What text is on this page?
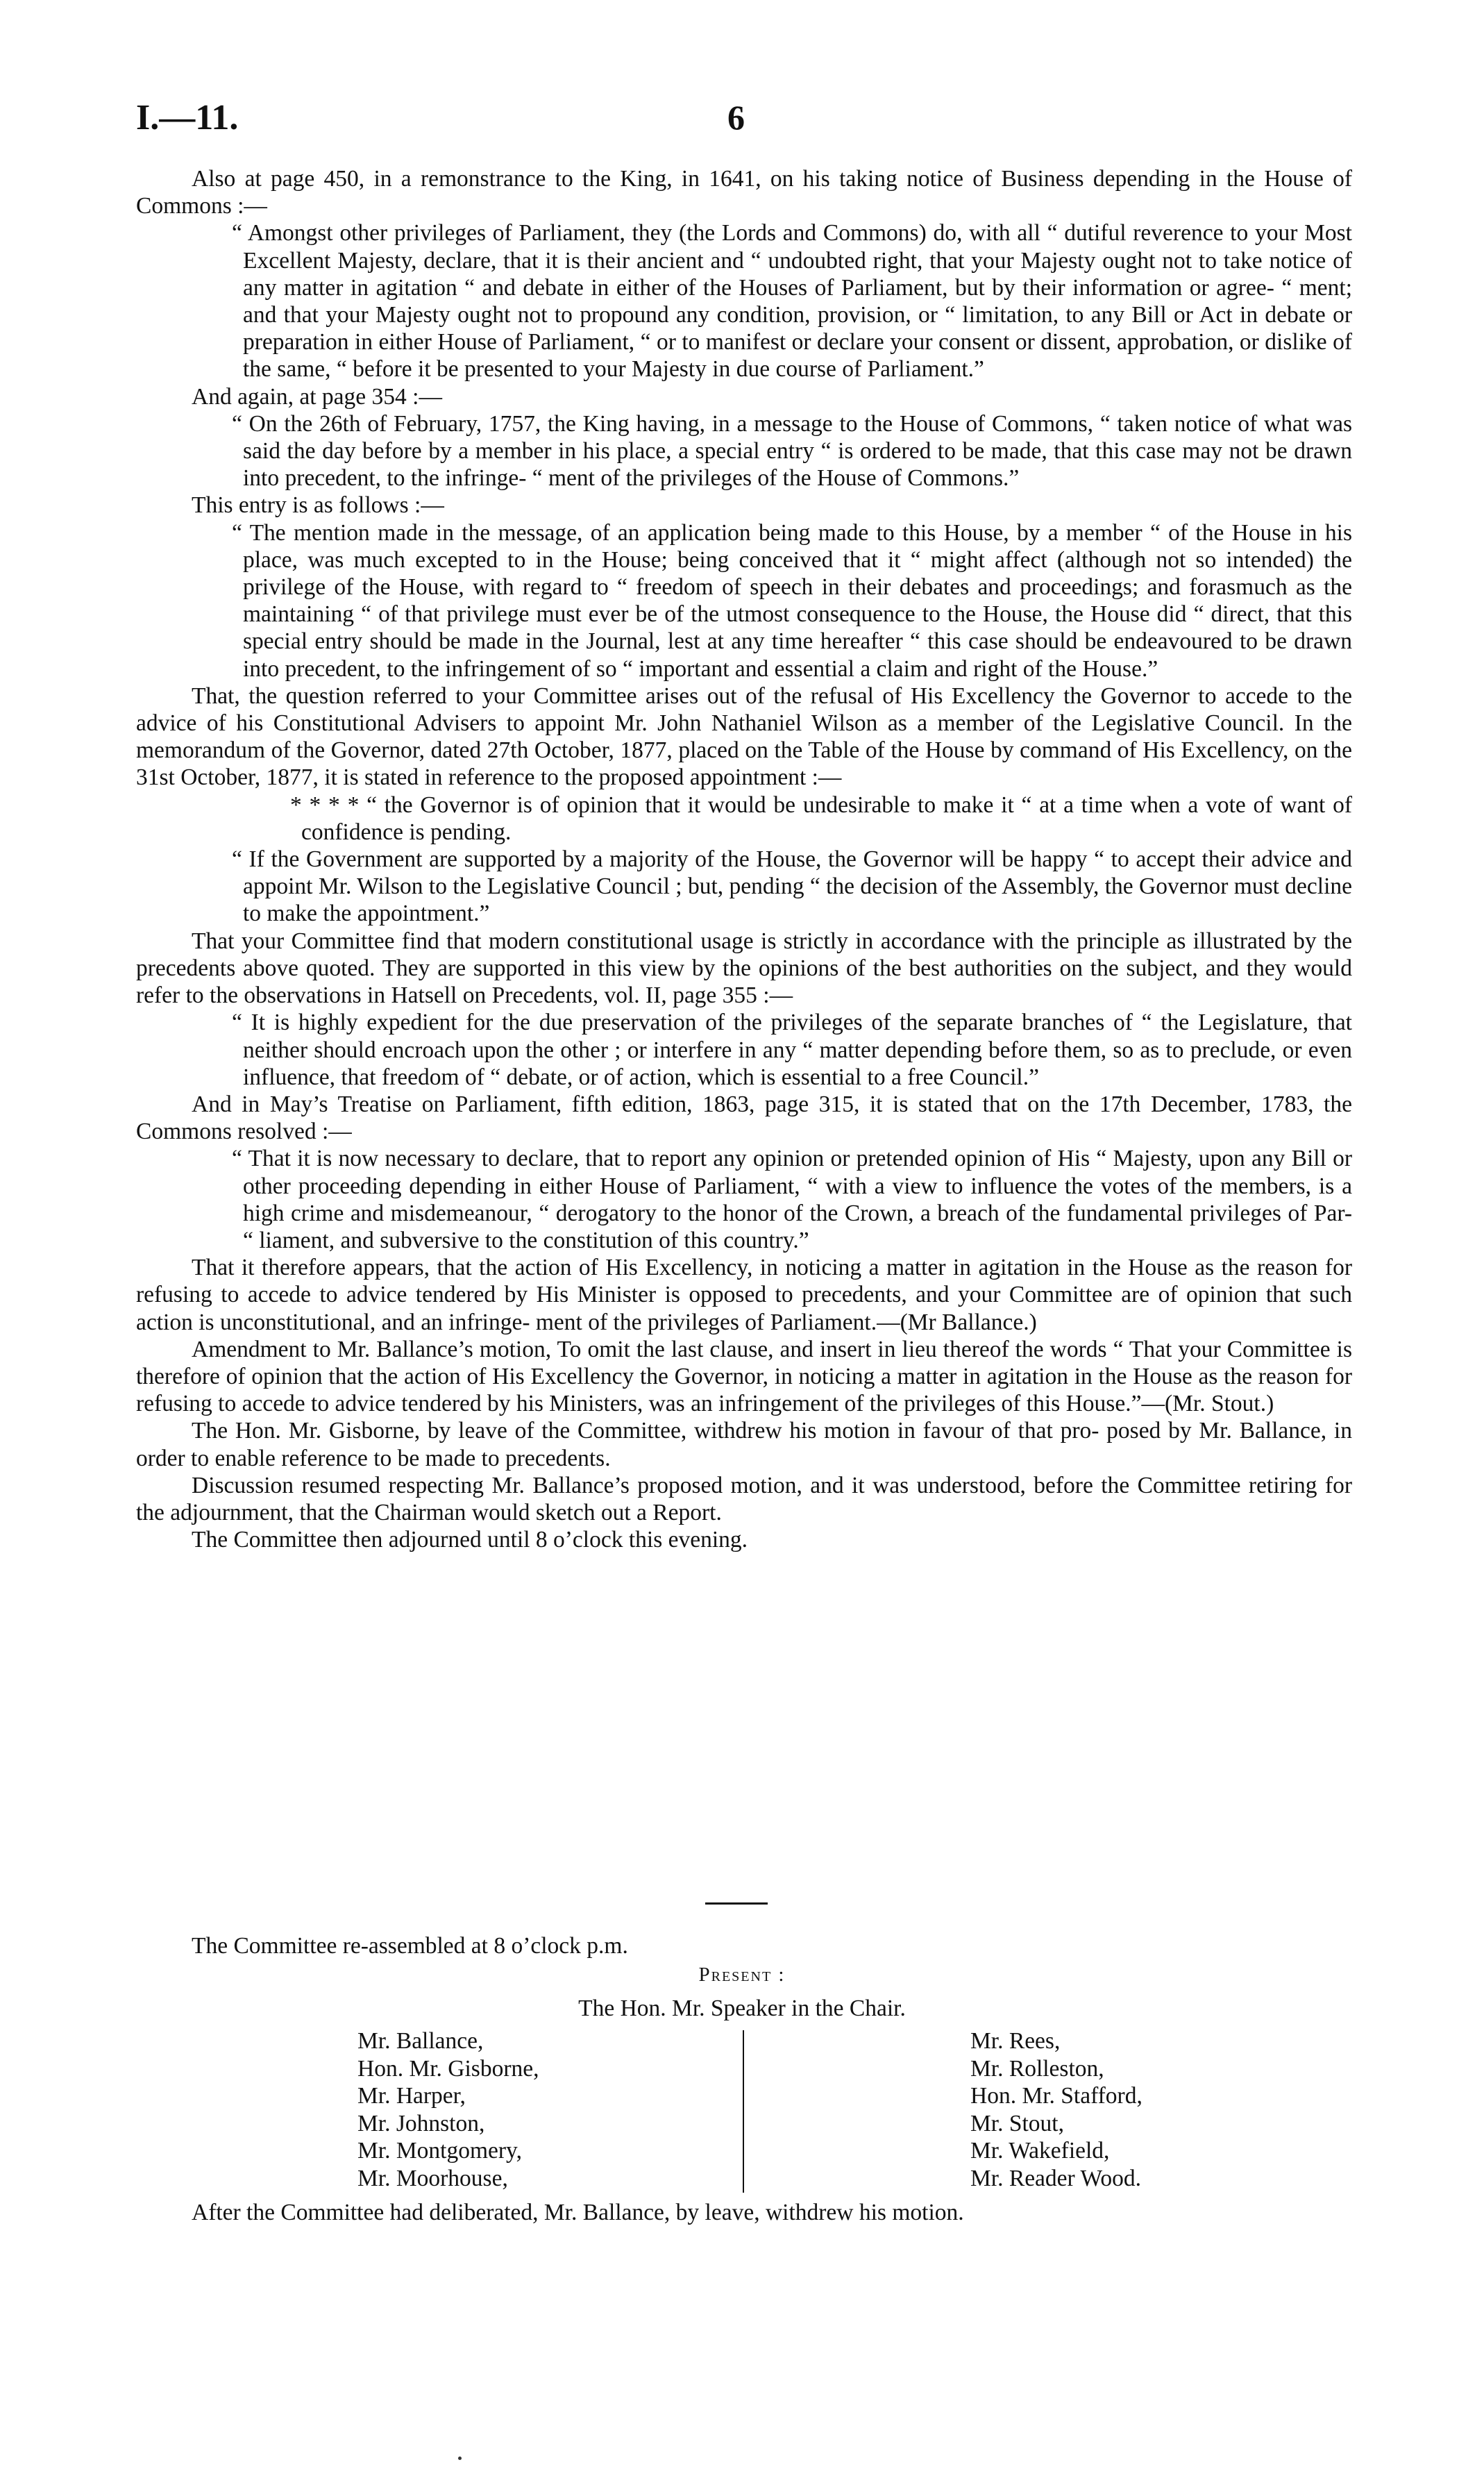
I.—11.	6

Also at page 450, in a remonstrance to the King, in 1641, on his taking notice of Business depending in the House of Commons :—

“ Amongst other privileges of Parliament, they (the Lords and Commons) do, with all “ dutiful reverence to your Most Excellent Majesty, declare, that it is their ancient and “ undoubted right, that your Majesty ought not to take notice of any matter in agitation “ and debate in either of the Houses of Parliament, but by their information or agree- “ ment; and that your Majesty ought not to propound any condition, provision, or “ limitation, to any Bill or Act in debate or preparation in either House of Parliament, “ or to manifest or declare your consent or dissent, approbation, or dislike of the same, “ before it be presented to your Majesty in due course of Parliament.”

And again, at page 354 :—

“ On the 26th of February, 1757, the King having, in a message to the House of Commons, “ taken notice of what was said the day before by a member in his place, a special entry “ is ordered to be made, that this case may not be drawn into precedent, to the infringe- “ ment of the privileges of the House of Commons.”

This entry is as follows :—

“ The mention made in the message, of an application being made to this House, by a member “ of the House in his place, was much excepted to in the House; being conceived that it “ might affect (although not so intended) the privilege of the House, with regard to “ freedom of speech in their debates and proceedings; and forasmuch as the maintaining “ of that privilege must ever be of the utmost consequence to the House, the House did “ direct, that this special entry should be made in the Journal, lest at any time hereafter “ this case should be endeavoured to be drawn into precedent, to the infringement of so “ important and essential a claim and right of the House.”

That, the question referred to your Committee arises out of the refusal of His Excellency the Governor to accede to the advice of his Constitutional Advisers to appoint Mr. John Nathaniel Wilson as a member of the Legislative Council. In the memorandum of the Governor, dated 27th October, 1877, placed on the Table of the House by command of His Excellency, on the 31st October, 1877, it is stated in reference to the proposed appointment :—

* * * * “ the Governor is of opinion that it would be undesirable to make it “ at a time when a vote of want of confidence is pending.

“ If the Government are supported by a majority of the House, the Governor will be happy “ to accept their advice and appoint Mr. Wilson to the Legislative Council ; but, pending “ the decision of the Assembly, the Governor must decline to make the appointment.”

That your Committee find that modern constitutional usage is strictly in accordance with the principle as illustrated by the precedents above quoted. They are supported in this view by the opinions of the best authorities on the subject, and they would refer to the observations in Hatsell on Precedents, vol. II, page 355 :—

“ It is highly expedient for the due preservation of the privileges of the separate branches of “ the Legislature, that neither should encroach upon the other ; or interfere in any “ matter depending before them, so as to preclude, or even influence, that freedom of “ debate, or of action, which is essential to a free Council.”

And in May’s Treatise on Parliament, fifth edition, 1863, page 315, it is stated that on the 17th December, 1783, the Commons resolved :—

“ That it is now necessary to declare, that to report any opinion or pretended opinion of His “ Majesty, upon any Bill or other proceeding depending in either House of Parliament, “ with a view to influence the votes of the members, is a high crime and misdemeanour, “ derogatory to the honor of the Crown, a breach of the fundamental privileges of Par- “ liament, and subversive to the constitution of this country.”

That it therefore appears, that the action of His Excellency, in noticing a matter in agitation in the House as the reason for refusing to accede to advice tendered by His Minister is opposed to precedents, and your Committee are of opinion that such action is unconstitutional, and an infringe- ment of the privileges of Parliament.—(Mr Ballance.)

Amendment to Mr. Ballance’s motion, To omit the last clause, and insert in lieu thereof the words “ That your Committee is therefore of opinion that the action of His Excellency the Governor, in noticing a matter in agitation in the House as the reason for refusing to accede to advice tendered by his Ministers, was an infringement of the privileges of this House.”—(Mr. Stout.)

The Hon. Mr. Gisborne, by leave of the Committee, withdrew his motion in favour of that pro- posed by Mr. Ballance, in order to enable reference to be made to precedents.

Discussion resumed respecting Mr. Ballance’s proposed motion, and it was understood, before the Committee retiring for the adjournment, that the Chairman would sketch out a Report.

The Committee then adjourned until 8 o’clock this evening.

The Committee re-assembled at 8 o’clock p.m.
Present :
The Hon. Mr. Speaker in the Chair.
Mr. Ballance,
Hon. Mr. Gisborne,
Mr. Harper,
Mr. Johnston,
Mr. Montgomery,
Mr. Moorhouse,
Mr. Rees,
Mr. Rolleston,
Hon. Mr. Stafford,
Mr. Stout,
Mr. Wakefield,
Mr. Reader Wood.
After the Committee had deliberated, Mr. Ballance, by leave, withdrew his motion.
